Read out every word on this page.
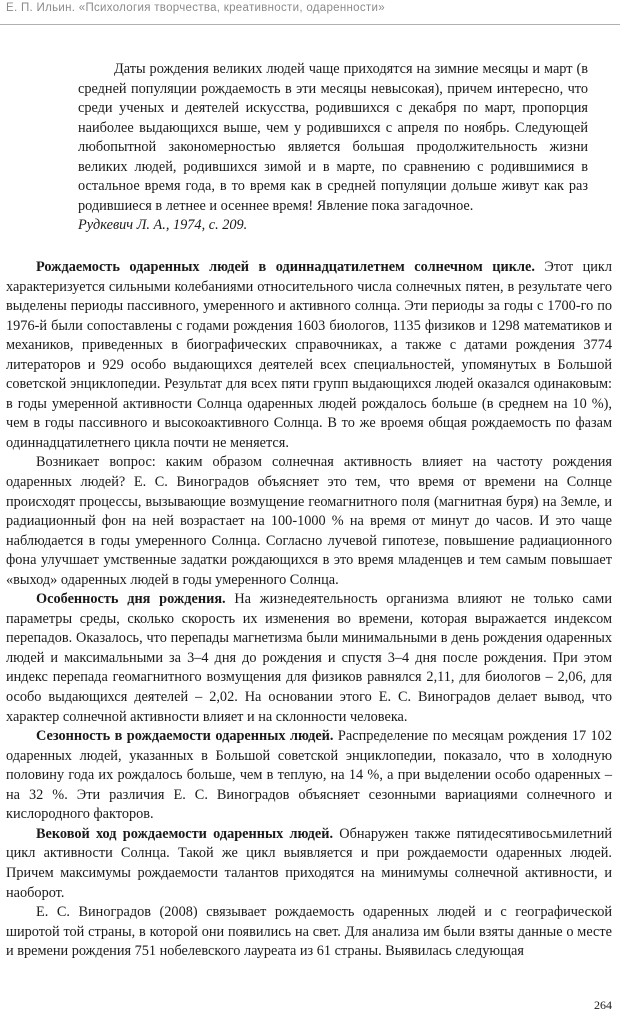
Е. П. Ильин. «Психология творчества, креативности, одаренности»

Даты рождения великих людей чаще приходятся на зимние месяцы и март (в средней популяции рождаемость в эти месяцы невысокая), причем интересно, что среди ученых и деятелей искусства, родившихся с декабря по март, пропорция наиболее выдающихся выше, чем у родившихся с апреля по ноябрь. Следующей любопытной закономерностью является большая продолжительность жизни великих людей, родившихся зимой и в марте, по сравнению с родившимися в остальное время года, в то время как в средней популяции дольше живут как раз родившиеся в летнее и осеннее время! Явление пока загадочное.

Рудкевич Л. А., 1974, с. 209.

Рождаемость одаренных людей в одиннадцатилетнем солнечном цикле. Этот цикл характеризуется сильными колебаниями относительного числа солнечных пятен, в результате чего выделены периоды пассивного, умеренного и активного солнца. Эти периоды за годы с 1700-го по 1976-й были сопоставлены с годами рождения 1603 биологов, 1135 физиков и 1298 математиков и механиков, приведенных в биографических справочниках, а также с датами рождения 3774 литераторов и 929 особо выдающихся деятелей всех специальностей, упомянутых в Большой советской энциклопедии. Результат для всех пяти групп выдающихся людей оказался одинаковым: в годы умеренной активности Солнца одаренных людей рождалось больше (в среднем на 10 %), чем в годы пассивного и высокоактивного Солнца. В то же вроемя общая рождаемость по фазам одиннадцатилетнего цикла почти не меняется.

Возникает вопрос: каким образом солнечная активность влияет на частоту рождения одаренных людей? Е. С. Виноградов объясняет это тем, что время от времени на Солнце происходят процессы, вызывающие возмущение геомагнитного поля (магнитная буря) на Земле, и радиационный фон на ней возрастает на 100-1000 % на время от минут до часов. И это чаще наблюдается в годы умеренного Солнца. Согласно лучевой гипотезе, повышение радиационного фона улучшает умственные задатки рождающихся в это время младенцев и тем самым повышает «выход» одаренных людей в годы умеренного Солнца.

Особенность дня рождения. На жизнедеятельность организма влияют не только сами параметры среды, сколько скорость их изменения во времени, которая выражается индексом перепадов. Оказалось, что перепады магнетизма были минимальными в день рождения одаренных людей и максимальными за 3–4 дня до рождения и спустя 3–4 дня после рождения. При этом индекс перепада геомагнитного возмущения для физиков равнялся 2,11, для биологов – 2,06, для особо выдающихся деятелей – 2,02. На основании этого Е. С. Виноградов делает вывод, что характер солнечной активности влияет и на склонности человека.

Сезонность в рождаемости одаренных людей. Распределение по месяцам рождения 17 102 одаренных людей, указанных в Большой советской энциклопедии, показало, что в холодную половину года их рождалось больше, чем в теплую, на 14 %, а при выделении особо одаренных – на 32 %. Эти различия Е. С. Виноградов объясняет сезонными вариациями солнечного и кислородного факторов.

Вековой ход рождаемости одаренных людей. Обнаружен также пятидесятивосьмилетний цикл активности Солнца. Такой же цикл выявляется и при рождаемости одаренных людей. Причем максимумы рождаемости талантов приходятся на минимумы солнечной активности, и наоборот.

Е. С. Виноградов (2008) связывает рождаемость одаренных людей и с географической широтой той страны, в которой они появились на свет. Для анализа им были взяты данные о месте и времени рождения 751 нобелевского лауреата из 61 страны. Выявилась следующая

264
